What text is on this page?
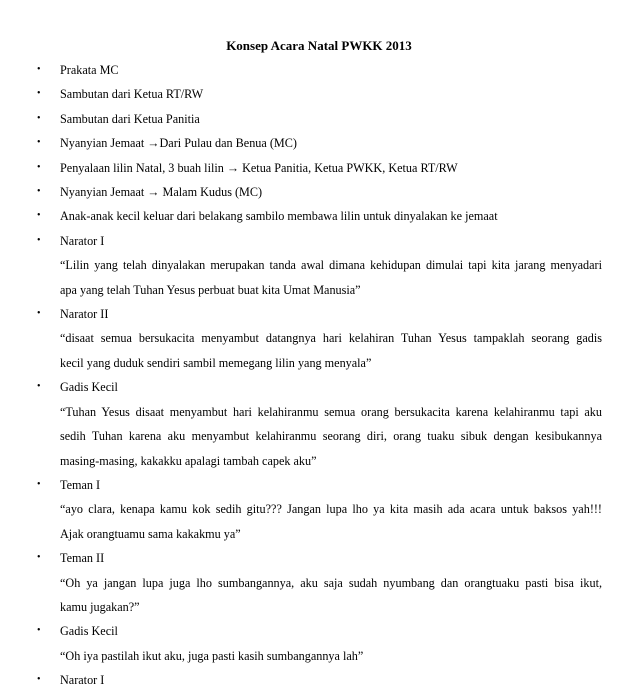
Konsep Acara Natal PWKK 2013
• Prakata MC
• Sambutan dari Ketua RT/RW
• Sambutan dari Ketua Panitia
• Nyanyian Jemaat →Dari Pulau dan Benua (MC)
• Penyalaan lilin Natal, 3 buah lilin → Ketua Panitia, Ketua PWKK, Ketua RT/RW
• Nyanyian Jemaat → Malam Kudus (MC)
• Anak-anak kecil keluar dari belakang sambilo membawa lilin untuk dinyalakan ke jemaat
• Narator I
“Lilin yang telah dinyalakan merupakan tanda awal dimana kehidupan dimulai tapi kita jarang menyadari
apa yang telah Tuhan Yesus perbuat buat kita Umat Manusia”
• Narator II
“disaat semua bersukacita menyambut datangnya hari kelahiran Tuhan Yesus tampaklah seorang gadis
kecil yang duduk sendiri sambil memegang lilin yang menyala”
• Gadis Kecil
“Tuhan Yesus disaat menyambut hari kelahiranmu semua orang bersukacita karena kelahiranmu tapi aku
sedih Tuhan karena aku menyambut kelahiranmu seorang diri, orang tuaku sibuk dengan kesibukannya
masing-masing, kakakku apalagi tambah capek aku”
• Teman I
“ayo clara, kenapa kamu kok sedih gitu??? Jangan lupa lho ya kita masih ada acara untuk baksos yah!!!
Ajak orangtuamu sama kakakmu ya”
• Teman II
“Oh ya jangan lupa juga lho sumbangannya, aku saja sudah nyumbang dan orangtuaku pasti bisa ikut,
kamu jugakan?”
• Gadis Kecil
“Oh iya pastilah ikut aku, juga pasti kasih sumbangannya lah”
• Narator I
